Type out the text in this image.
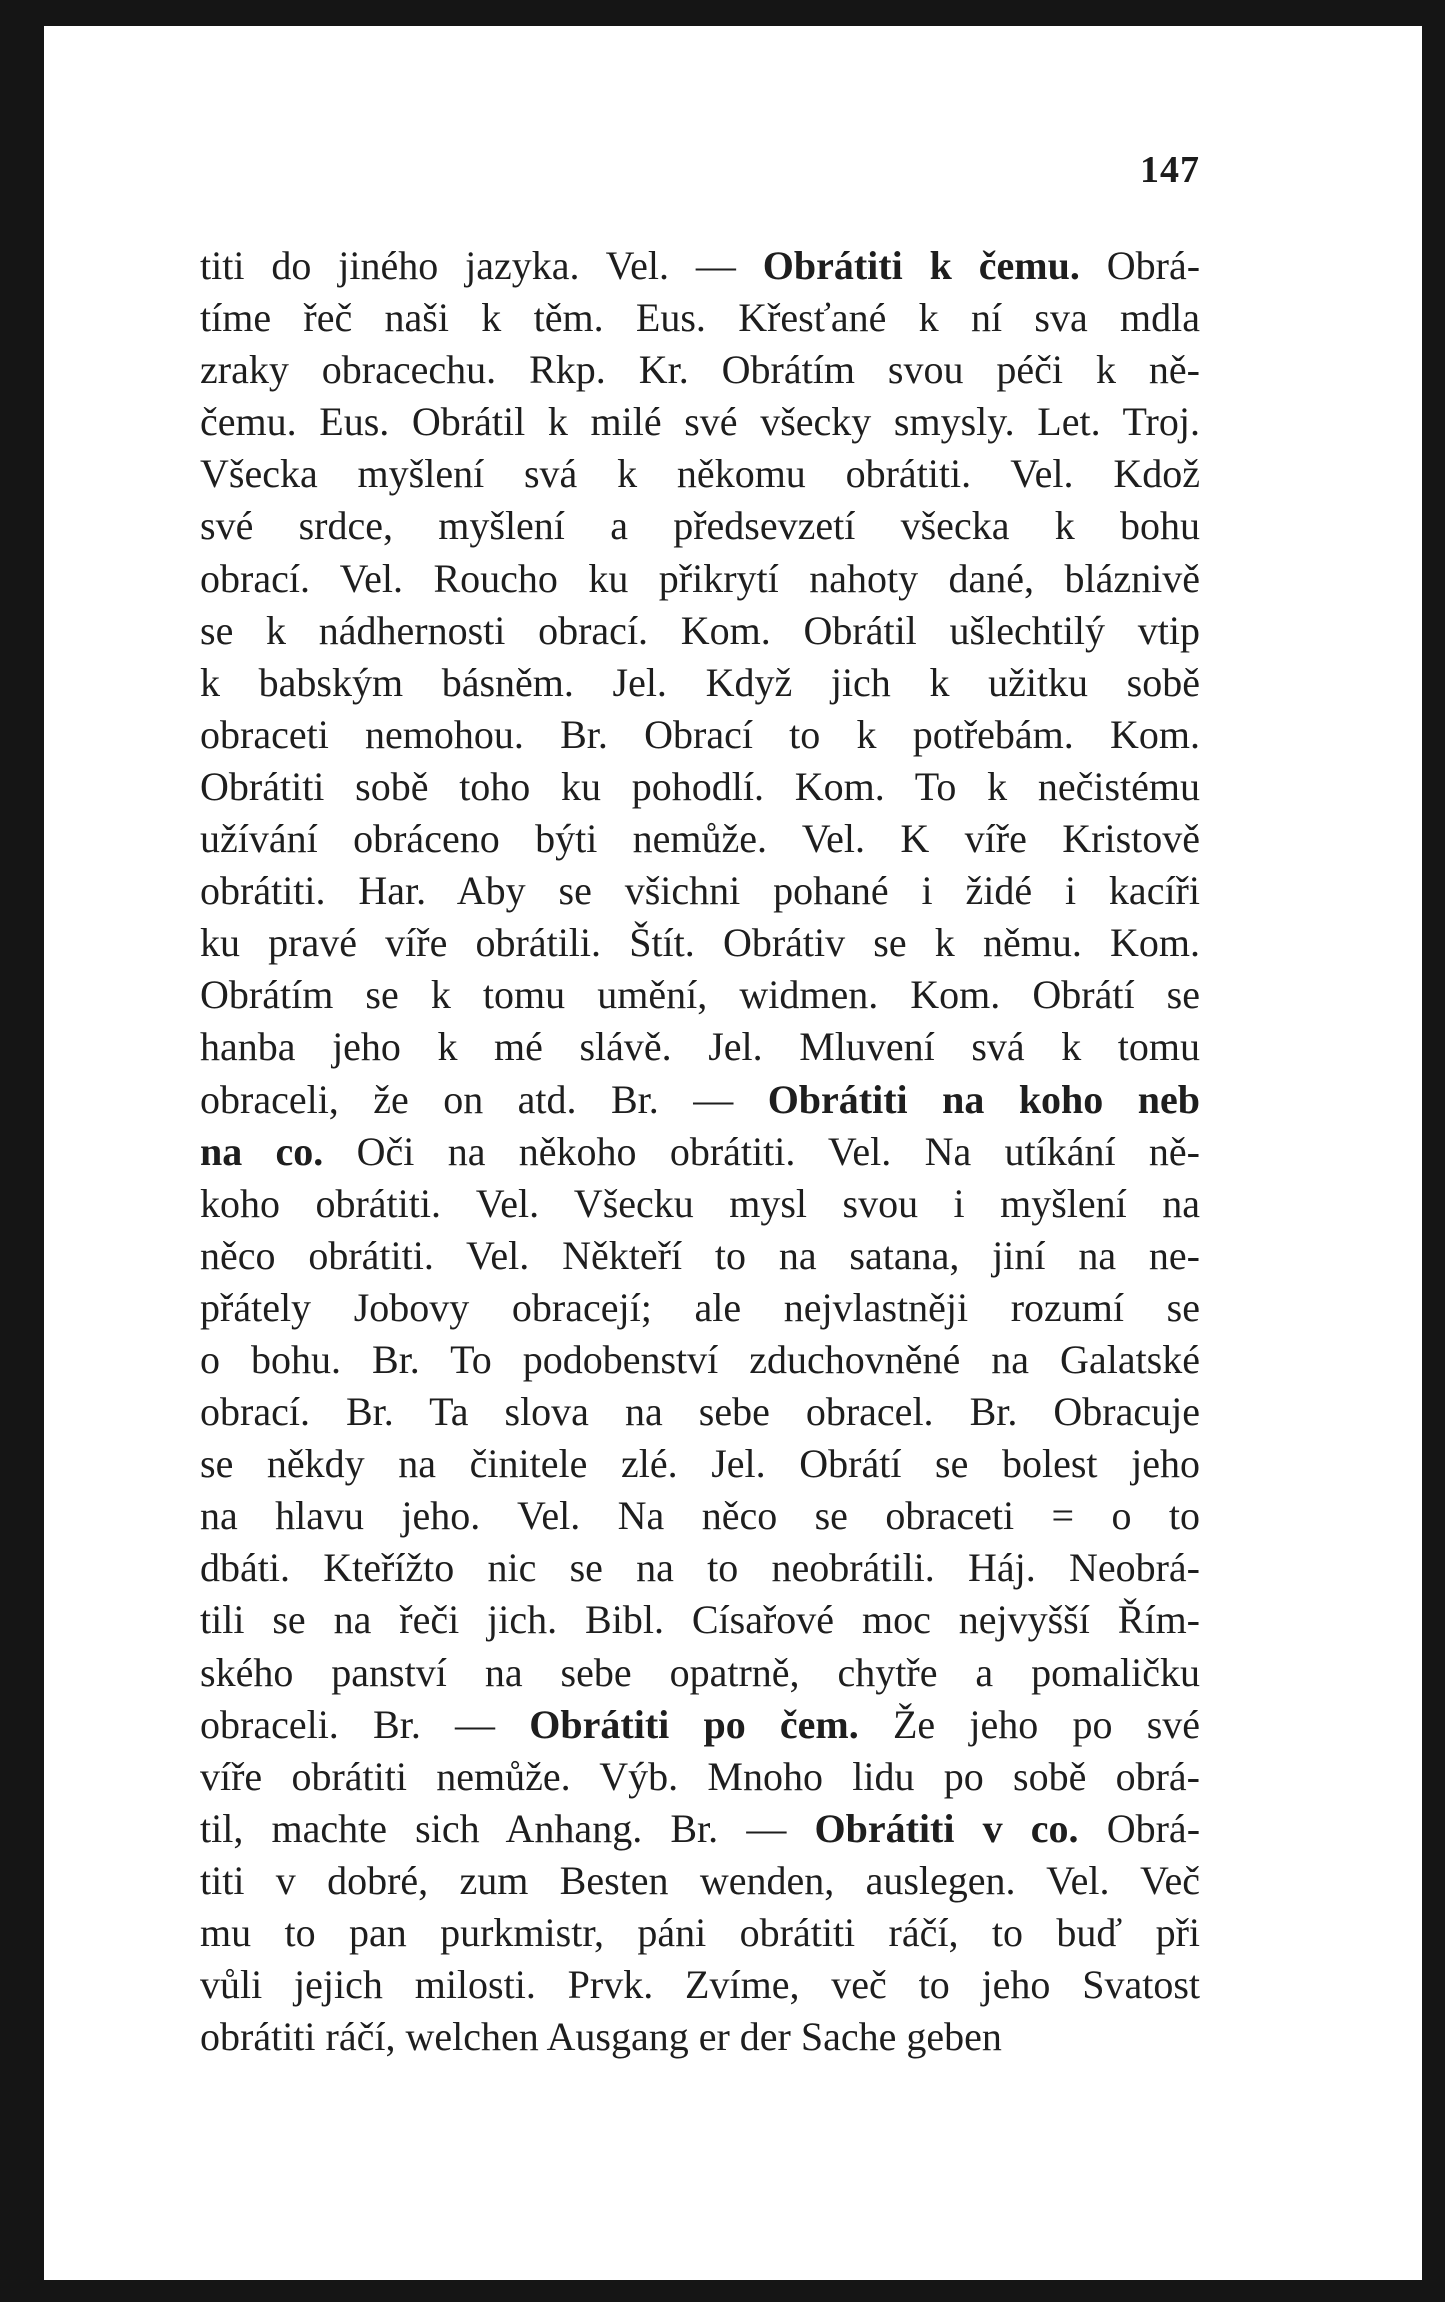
147
titi do jiného jazyka. Vel. — Obrátiti k čemu. Obrá-
tíme řeč naši k těm. Eus. Křesťané k ní sva mdla
zraky obracechu. Rkp. Kr. Obrátím svou péči k ně-
čemu. Eus. Obrátil k milé své všecky smysly. Let. Troj.
Všecka myšlení svá k někomu obrátiti. Vel. Kdož
své srdce, myšlení a předsevzetí všecka k bohu
obrací. Vel. Roucho ku přikrytí nahoty dané, bláznivě
se k nádhernosti obrací. Kom. Obrátil ušlechtilý vtip
k babským básněm. Jel. Když jich k užitku sobě
obraceti nemohou. Br. Obrací to k potřebám. Kom.
Obrátiti sobě toho ku pohodlí. Kom. To k nečistému
užívání obráceno býti nemůže. Vel. K víře Kristově
obrátiti. Har. Aby se všichni pohané i židé i kacíři
ku pravé víře obrátili. Štít. Obrátiv se k němu. Kom.
Obrátím se k tomu umění, widmen. Kom. Obrátí se
hanba jeho k mé slávě. Jel. Mluvení svá k tomu
obraceli, že on atd. Br. — Obrátiti na koho neb
na co. Oči na někoho obrátiti. Vel. Na utíkání ně-
koho obrátiti. Vel. Všecku mysl svou i myšlení na
něco obrátiti. Vel. Někteří to na satana, jiní na ne-
přátely Jobovy obracejí; ale nejvlastněji rozumí se
o bohu. Br. To podobenství zduchovněné na Galatské
obrací. Br. Ta slova na sebe obracel. Br. Obracuje
se někdy na činitele zlé. Jel. Obrátí se bolest jeho
na hlavu jeho. Vel. Na něco se obraceti = o to
dbáti. Kteřížto nic se na to neobrátili. Háj. Neobrá-
tili se na řeči jich. Bibl. Císařové moc nejvyšší Řím-
ského panství na sebe opatrně, chytře a pomaličku
obraceli. Br. — Obrátiti po čem. Že jeho po své
víře obrátiti nemůže. Výb. Mnoho lidu po sobě obrá-
til, machte sich Anhang. Br. — Obrátiti v co. Obrá-
titi v dobré, zum Besten wenden, auslegen. Vel. Več
mu to pan purkmistr, páni obrátiti ráčí, to buď při
vůli jejich milosti. Prvk. Zvíme, več to jeho Svatost
obrátiti ráčí, welchen Ausgang er der Sache geben
